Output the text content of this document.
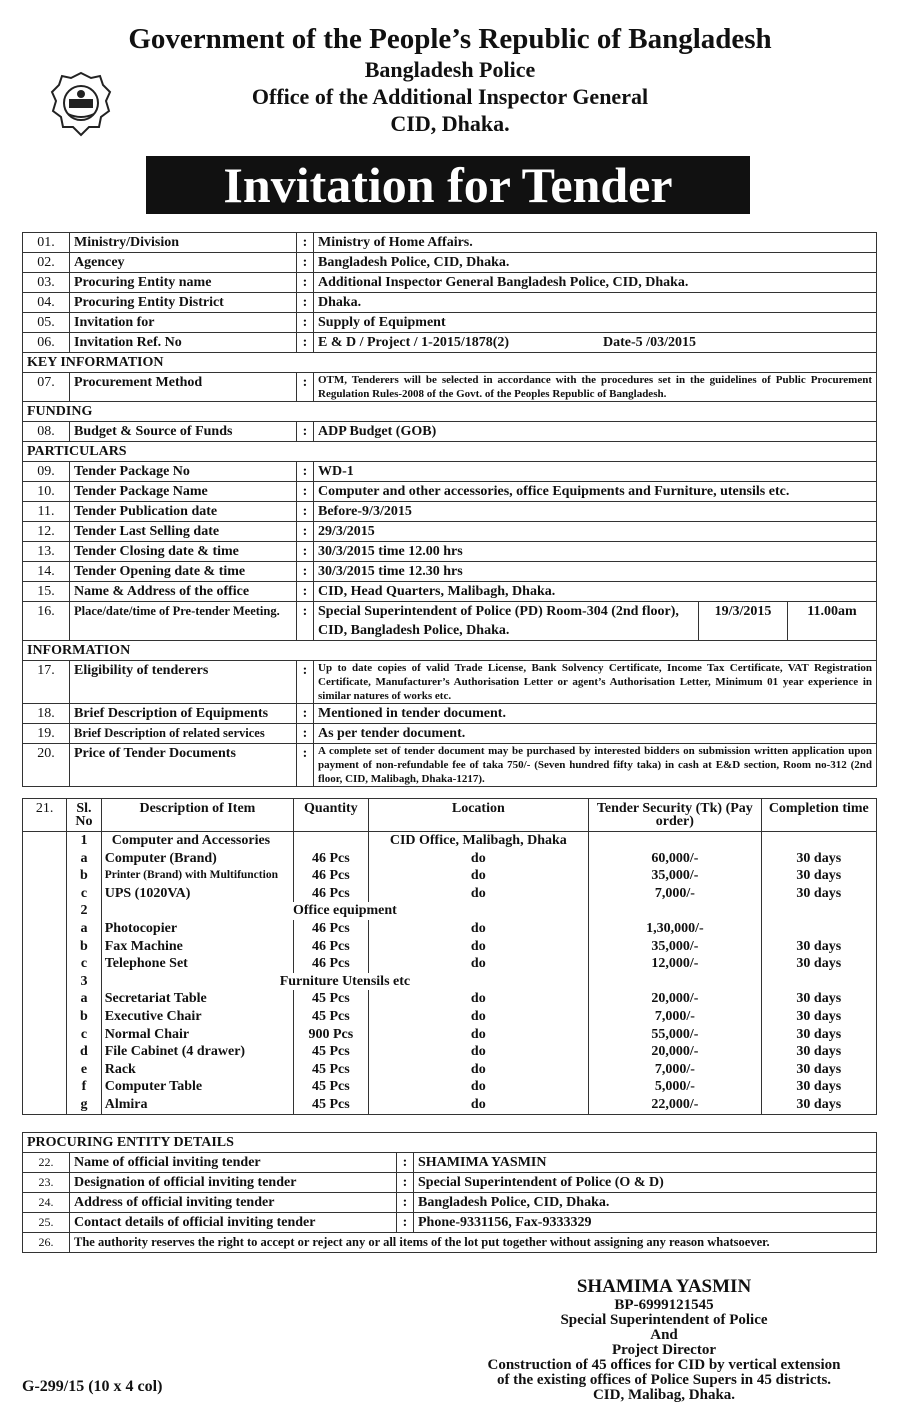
Government of the People’s Republic of Bangladesh
Bangladesh Police
Office of the Additional Inspector General
CID, Dhaka.
Invitation for Tender
01.	Ministry/Division	:	Ministry of Home Affairs.		
02.	Agencey	:	Bangladesh Police, CID, Dhaka.		
03.	Procuring Entity name	:	Additional Inspector General Bangladesh Police, CID, Dhaka.		
04.	Procuring Entity District	:	Dhaka.		
05.	Invitation for	:	Supply of Equipment		
06.	Invitation Ref. No	:	E & D / Project / 1-2015/1878(2) Date-5 /03/2015		
KEY INFORMATION					
07.	Procurement Method	:	OTM, Tenderers will be selected in accordance with the procedures set in the guidelines of Public Procurement Regulation Rules-2008 of the Govt. of the Peoples Republic of Bangladesh.		

FUNDING					
08.	Budget & Source of Funds	:	ADP Budget (GOB)		
PARTICULARS					
09.	Tender Package No	:	WD-1		
10.	Tender Package Name	:	Computer and other accessories, office Equipments and Furniture, utensils etc.		
11.	Tender Publication date	:	Before-9/3/2015		
12.	Tender Last Selling date	:	29/3/2015		
13.	Tender Closing date & time	:	30/3/2015 time 12.00 hrs		
14.	Tender Opening date & time	:	30/3/2015 time 12.30 hrs		
15.	Name & Address of the office	:	CID, Head Quarters, Malibagh, Dhaka.		
16.	Place/date/time of Pre-tender Meeting.	:	Special Superintendent of Police (PD) Room-304 (2nd floor), CID, Bangladesh Police, Dhaka.	19/3/2015	11.00am
INFORMATION					
17.	Eligibility of tenderers	:	Up to date copies of valid Trade License, Bank Solvency Certificate, Income Tax Certificate, VAT Registration Certificate, Manufacturer’s Authorisation Letter or agent’s Authorisation Letter, Minimum 01 year experience in similar natures of works etc.		

18.	Brief Description of Equipments	:	Mentioned in tender document.		
19.	Brief Description of related services	:	As per tender document.		
20.	Price of Tender Documents	:	A complete set of tender document may be purchased by interested bidders on submission written application upon payment of non-refundable fee of taka 750/- (Seven hundred fifty taka) in cash at E&D section, Room no-312 (2nd floor, CID, Malibagh, Dhaka-1217).		
21.	Sl. No	Description of Item	Quantity	Location	Tender Security (Tk) (Pay order)	Completion time
	1	Computer and Accessories		CID Office, Malibagh, Dhaka		
	a	Computer (Brand)	46 Pcs	do	60,000/-	30 days
	b	Printer (Brand) with Multifunction	46 Pcs	do	35,000/-	30 days
	c	UPS (1020VA)	46 Pcs	do	7,000/-	30 days
	2	Office equipment				
	a	Photocopier	46 Pcs	do	1,30,000/-	
	b	Fax Machine	46 Pcs	do	35,000/-	30 days
	c	Telephone Set	46 Pcs	do	12,000/-	30 days
	3	Furniture Utensils etc				
	a	Secretariat Table	45 Pcs	do	20,000/-	30 days
	b	Executive Chair	45 Pcs	do	7,000/-	30 days
	c	Normal Chair	900 Pcs	do	55,000/-	30 days
	d	File Cabinet (4 drawer)	45 Pcs	do	20,000/-	30 days
	e	Rack	45 Pcs	do	7,000/-	30 days
	f	Computer Table	45 Pcs	do	5,000/-	30 days
	g	Almira	45 Pcs	do	22,000/-	30 days
PROCURING ENTITY DETAILS			
22.	Name of official inviting tender	:	SHAMIMA YASMIN
23.	Designation of official inviting tender	:	Special Superintendent of Police (O & D)
24.	Address of official inviting tender	:	Bangladesh Police, CID, Dhaka.
25.	Contact details of official inviting tender	:	Phone-9331156, Fax-9333329
26.	The authority reserves the right to accept or reject any or all items of the lot put together without assigning any reason whatsoever.		
SHAMIMA YASMIN
BP-6999121545
Special Superintendent of Police
And
Project Director
Construction of 45 offices for CID by vertical extension
of the existing offices of Police Supers in 45 districts.
CID, Malibag, Dhaka.
G-299/15 (10 x 4 col)
